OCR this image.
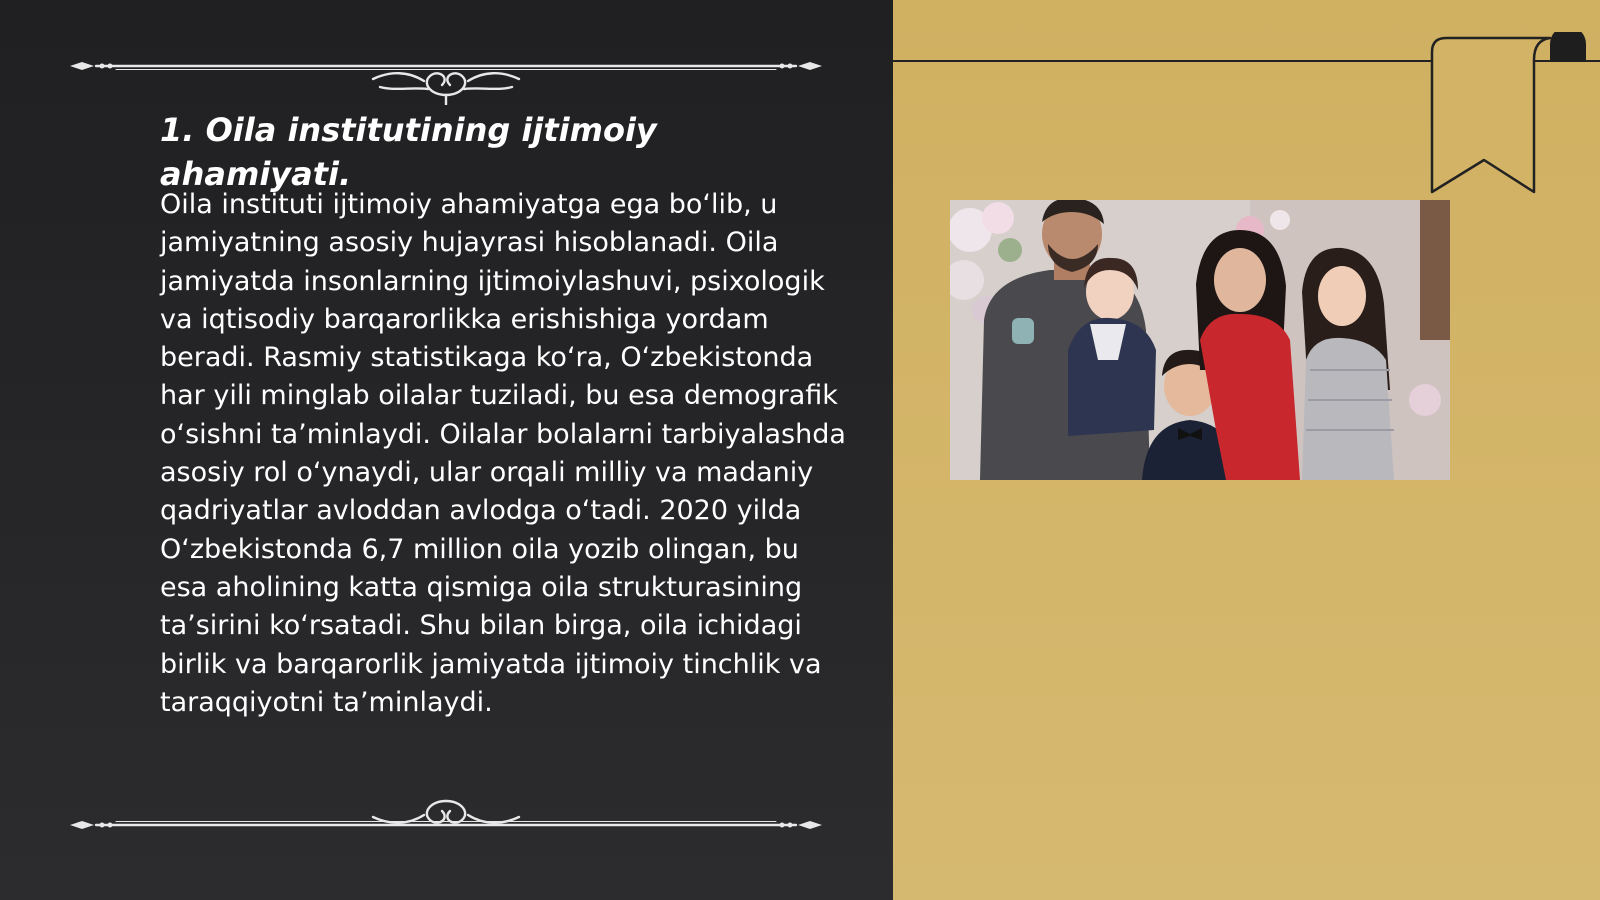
1. Oila institutining ijtimoiy ahamiyati.

Oila instituti ijtimoiy ahamiyatga ega bo‘lib, u jamiyatning asosiy hujayrasi hisoblanadi. Oila jamiyatda insonlarning ijtimoiylashuvi, psixologik va iqtisodiy barqarorlikka erishishiga yordam beradi. Rasmiy statistikaga ko‘ra, O‘zbekistonda har yili minglab oilalar tuziladi, bu esa demografik o‘sishni ta’minlaydi. Oilalar bolalarni tarbiyalashda asosiy rol o‘ynaydi, ular orqali milliy va madaniy qadriyatlar avloddan avlodga o‘tadi. 2020 yilda O‘zbekistonda 6,7 million oila yozib olingan, bu esa aholining katta qismiga oila strukturasining ta’sirini ko‘rsatadi. Shu bilan birga, oila ichidagi birlik va barqarorlik jamiyatda ijtimoiy tinchlik va taraqqiyotni ta’minlaydi.
